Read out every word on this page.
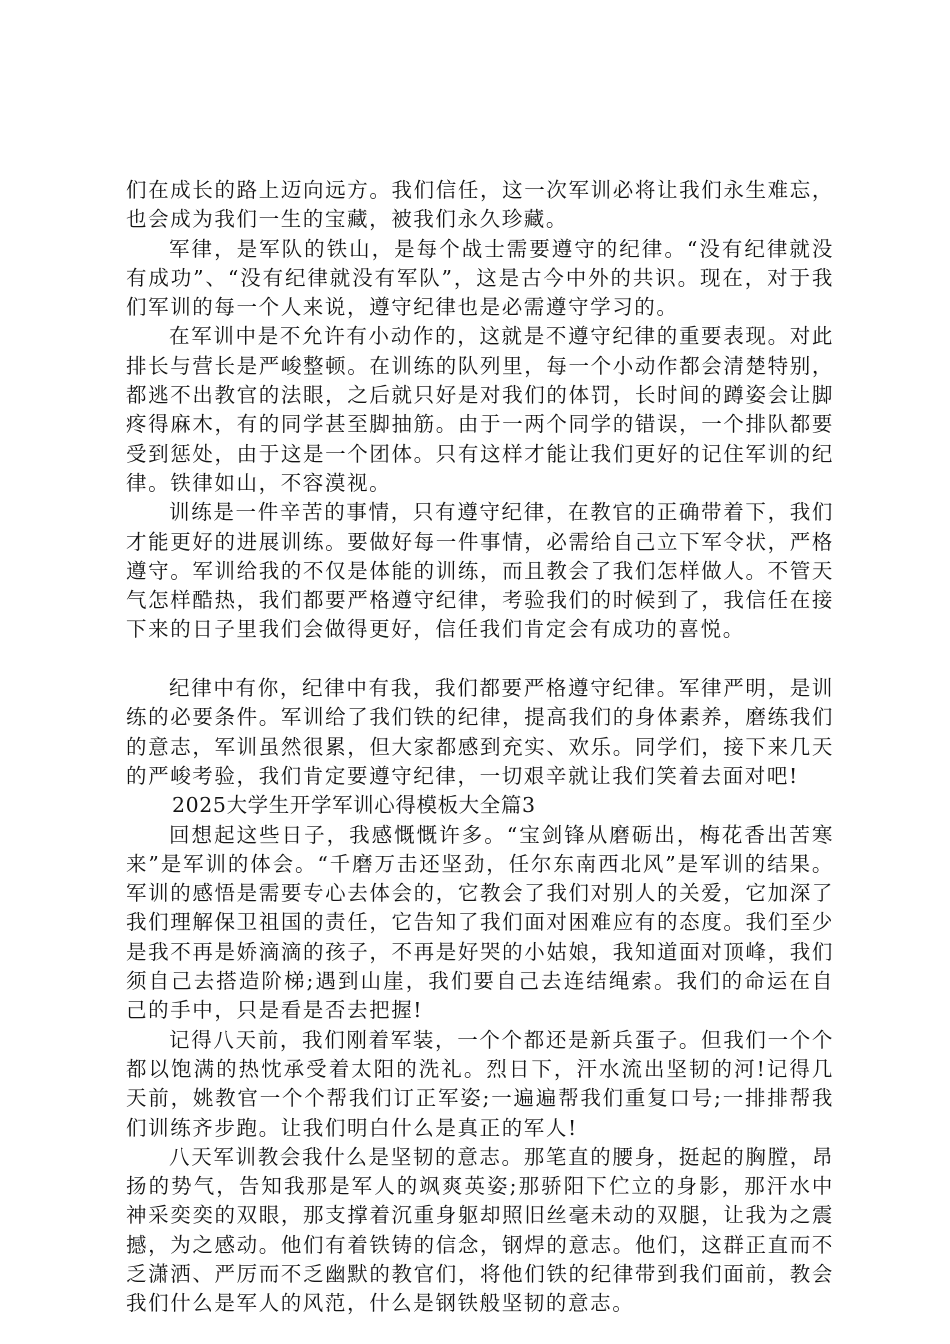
们在成长的路上迈向远方。我们信任，这一次军训必将让我们永生难忘，也会成为我们一生的宝藏，被我们永久珍藏。

军律，是军队的铁山，是每个战士需要遵守的纪律。“没有纪律就没有成功”、“没有纪律就没有军队”，这是古今中外的共识。现在，对于我们军训的每一个人来说，遵守纪律也是必需遵守学习的。

在军训中是不允许有小动作的，这就是不遵守纪律的重要表现。对此排长与营长是严峻整顿。在训练的队列里，每一个小动作都会清楚特别，都逃不出教官的法眼，之后就只好是对我们的体罚，长时间的蹲姿会让脚疼得麻木，有的同学甚至脚抽筋。由于一两个同学的错误，一个排队都要受到惩处，由于这是一个团体。只有这样才能让我们更好的记住军训的纪律。铁律如山，不容漠视。

训练是一件辛苦的事情，只有遵守纪律，在教官的正确带着下，我们才能更好的进展训练。要做好每一件事情，必需给自己立下军令状，严格遵守。军训给我的不仅是体能的训练，而且教会了我们怎样做人。不管天气怎样酷热，我们都要严格遵守纪律，考验我们的时候到了，我信任在接下来的日子里我们会做得更好，信任我们肯定会有成功的喜悦。

纪律中有你，纪律中有我，我们都要严格遵守纪律。军律严明，是训练的必要条件。军训给了我们铁的纪律，提高我们的身体素养，磨练我们的意志，军训虽然很累，但大家都感到充实、欢乐。同学们，接下来几天的严峻考验，我们肯定要遵守纪律，一切艰辛就让我们笑着去面对吧!

2025大学生开学军训心得模板大全篇3

回想起这些日子，我感慨慨许多。“宝剑锋从磨砺出，梅花香出苦寒来”是军训的体会。“千磨万击还坚劲，任尔东南西北风”是军训的结果。军训的感悟是需要专心去体会的，它教会了我们对别人的关爱，它加深了我们理解保卫祖国的责任，它告知了我们面对困难应有的态度。我们至少是我不再是娇滴滴的孩子，不再是好哭的小姑娘，我知道面对顶峰，我们须自己去搭造阶梯;遇到山崖，我们要自己去连结绳索。我们的命运在自己的手中，只是看是否去把握!

记得八天前，我们刚着军装，一个个都还是新兵蛋子。但我们一个个都以饱满的热忱承受着太阳的洗礼。烈日下，汗水流出坚韧的河!记得几天前，姚教官一个个帮我们订正军姿;一遍遍帮我们重复口号;一排排帮我们训练齐步跑。让我们明白什么是真正的军人!

八天军训教会我什么是坚韧的意志。那笔直的腰身，挺起的胸膛，昂扬的势气，告知我那是军人的飒爽英姿;那骄阳下伫立的身影，那汗水中神采奕奕的双眼，那支撑着沉重身躯却照旧丝毫未动的双腿，让我为之震撼，为之感动。他们有着铁铸的信念，钢焊的意志。他们，这群正直而不乏潇洒、严厉而不乏幽默的教官们，将他们铁的纪律带到我们面前，教会我们什么是军人的风范，什么是钢铁般坚韧的意志。
